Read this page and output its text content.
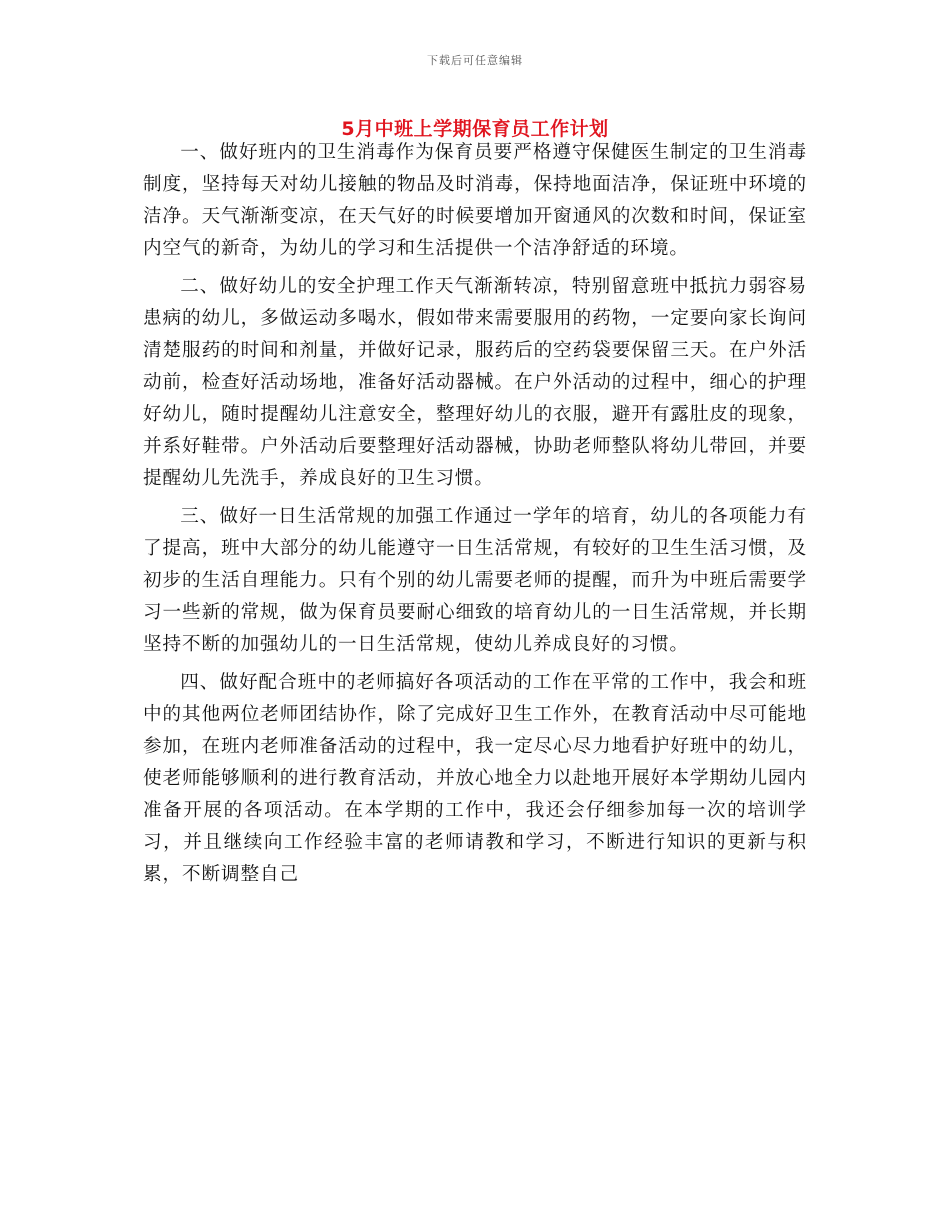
下载后可任意编辑
5月中班上学期保育员工作计划

一、做好班内的卫生消毒作为保育员要严格遵守保健医生制定的卫生消毒制度，坚持每天对幼儿接触的物品及时消毒，保持地面洁净，保证班中环境的洁净。天气渐渐变凉，在天气好的时候要增加开窗通风的次数和时间，保证室内空气的新奇，为幼儿的学习和生活提供一个洁净舒适的环境。

二、做好幼儿的安全护理工作天气渐渐转凉，特别留意班中抵抗力弱容易患病的幼儿，多做运动多喝水，假如带来需要服用的药物，一定要向家长询问清楚服药的时间和剂量，并做好记录，服药后的空药袋要保留三天。在户外活动前，检查好活动场地，准备好活动器械。在户外活动的过程中，细心的护理好幼儿，随时提醒幼儿注意安全，整理好幼儿的衣服，避开有露肚皮的现象，并系好鞋带。户外活动后要整理好活动器械，协助老师整队将幼儿带回，并要提醒幼儿先洗手，养成良好的卫生习惯。

三、做好一日生活常规的加强工作通过一学年的培育，幼儿的各项能力有了提高，班中大部分的幼儿能遵守一日生活常规，有较好的卫生生活习惯，及初步的生活自理能力。只有个别的幼儿需要老师的提醒，而升为中班后需要学习一些新的常规，做为保育员要耐心细致的培育幼儿的一日生活常规，并长期坚持不断的加强幼儿的一日生活常规，使幼儿养成良好的习惯。

四、做好配合班中的老师搞好各项活动的工作在平常的工作中，我会和班中的其他两位老师团结协作，除了完成好卫生工作外，在教育活动中尽可能地参加，在班内老师准备活动的过程中，我一定尽心尽力地看护好班中的幼儿，使老师能够顺利的进行教育活动，并放心地全力以赴地开展好本学期幼儿园内准备开展的各项活动。在本学期的工作中，我还会仔细参加每一次的培训学习，并且继续向工作经验丰富的老师请教和学习，不断进行知识的更新与积累，不断调整自己
